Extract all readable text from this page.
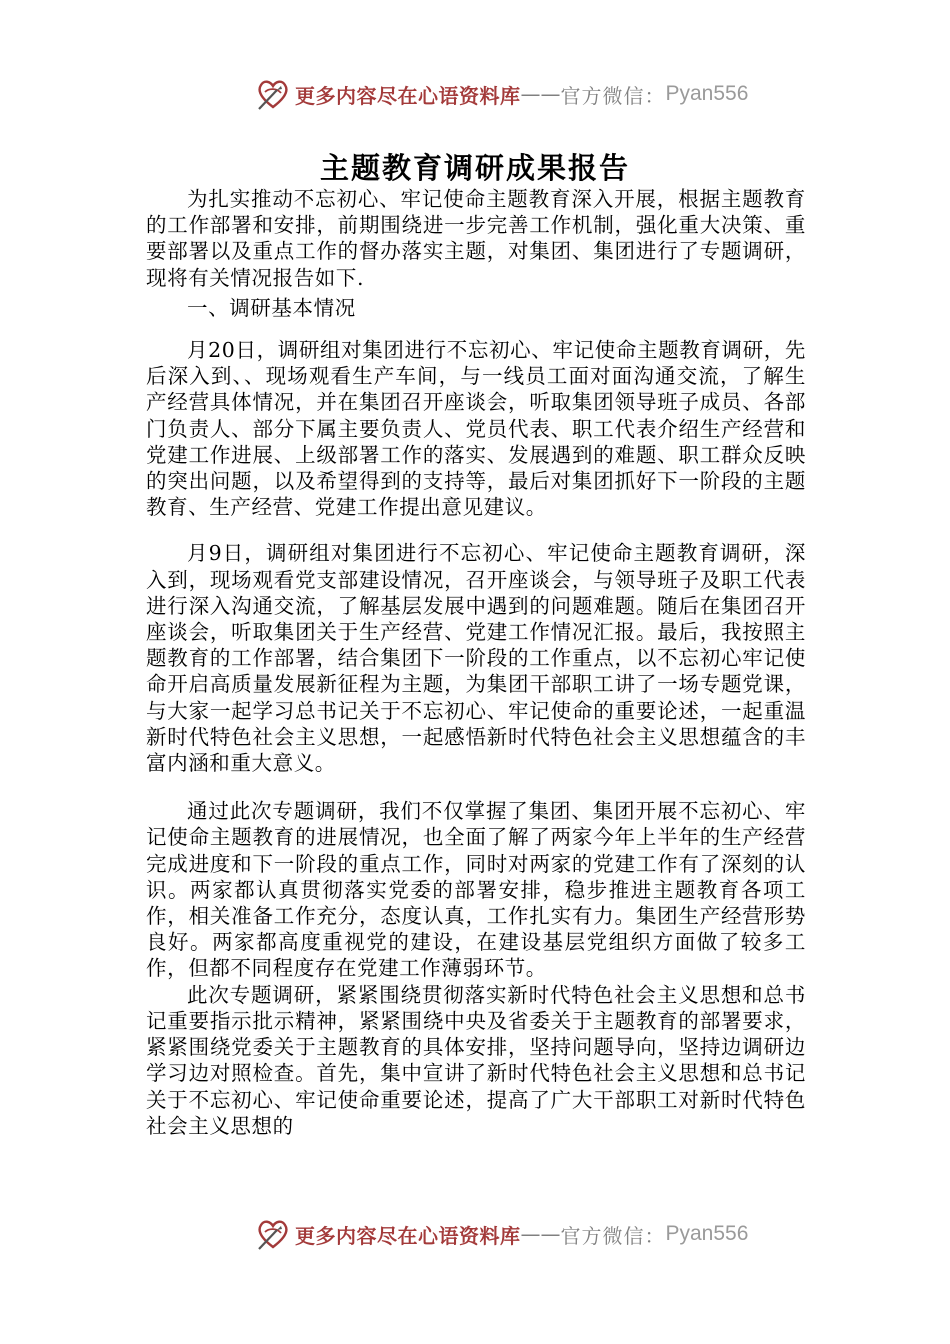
更多内容尽在心语资料库 —— 官方微信： Pyan556
主题教育调研成果报告

为扎实推动不忘初心、牢记使命主题教育深入开展，根据主题教育的工作部署和安排，前期围绕进一步完善工作机制，强化重大决策、重要部署以及重点工作的督办落实主题，对集团、集团进行了专题调研，现将有关情况报告如下.

一、调研基本情况

月20日，调研组对集团进行不忘初心、牢记使命主题教育调研，先后深入到、、现场观看生产车间，与一线员工面对面沟通交流，了解生产经营具体情况，并在集团召开座谈会，听取集团领导班子成员、各部门负责人、部分下属主要负责人、党员代表、职工代表介绍生产经营和党建工作进展、上级部署工作的落实、发展遇到的难题、职工群众反映的突出问题，以及希望得到的支持等，最后对集团抓好下一阶段的主题教育、生产经营、党建工作提出意见建议。

月9日，调研组对集团进行不忘初心、牢记使命主题教育调研，深入到，现场观看党支部建设情况，召开座谈会，与领导班子及职工代表进行深入沟通交流，了解基层发展中遇到的问题难题。随后在集团召开座谈会，听取集团关于生产经营、党建工作情况汇报。最后，我按照主题教育的工作部署，结合集团下一阶段的工作重点，以不忘初心牢记使命开启高质量发展新征程为主题，为集团干部职工讲了一场专题党课，与大家一起学习总书记关于不忘初心、牢记使命的重要论述，一起重温新时代特色社会主义思想，一起感悟新时代特色社会主义思想蕴含的丰富内涵和重大意义。

通过此次专题调研，我们不仅掌握了集团、集团开展不忘初心、牢记使命主题教育的进展情况，也全面了解了两家今年上半年的生产经营完成进度和下一阶段的重点工作，同时对两家的党建工作有了深刻的认识。两家都认真贯彻落实党委的部署安排，稳步推进主题教育各项工作，相关准备工作充分，态度认真，工作扎实有力。集团生产经营形势良好。两家都高度重视党的建设，在建设基层党组织方面做了较多工作，但都不同程度存在党建工作薄弱环节。

此次专题调研，紧紧围绕贯彻落实新时代特色社会主义思想和总书记重要指示批示精神，紧紧围绕中央及省委关于主题教育的部署要求，紧紧围绕党委关于主题教育的具体安排，坚持问题导向，坚持边调研边学习边对照检查。首先，集中宣讲了新时代特色社会主义思想和总书记关于不忘初心、牢记使命重要论述，提高了广大干部职工对新时代特色社会主义思想的

更多内容尽在心语资料库 —— 官方微信： Pyan556
